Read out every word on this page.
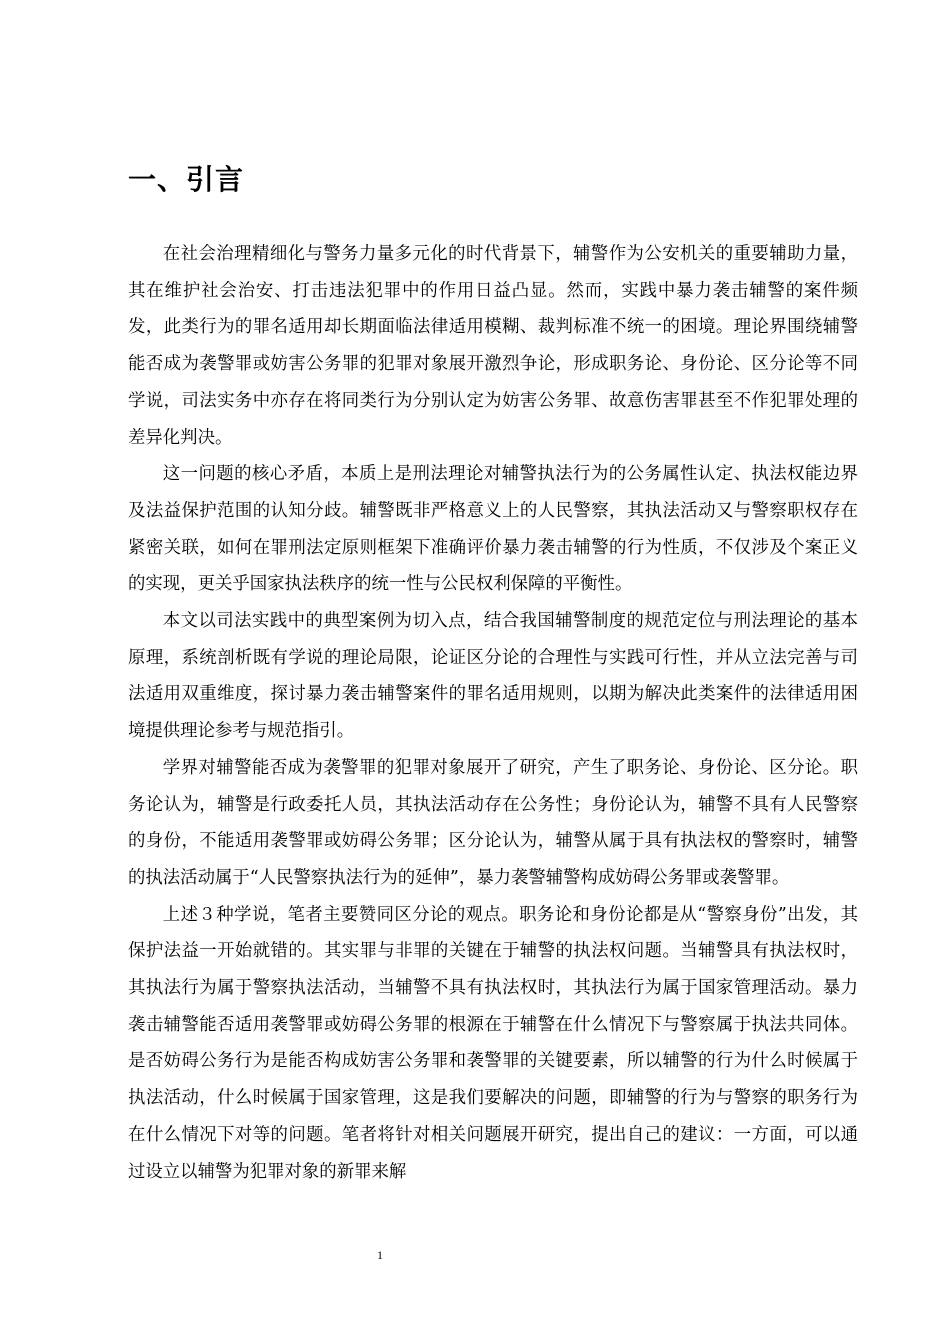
一、引言

在社会治理精细化与警务力量多元化的时代背景下，辅警作为公安机关的重要辅助力量，其在维护社会治安、打击违法犯罪中的作用日益凸显。然而，实践中暴力袭击辅警的案件频发，此类行为的罪名适用却长期面临法律适用模糊、裁判标准不统一的困境。理论界围绕辅警能否成为袭警罪或妨害公务罪的犯罪对象展开激烈争论，形成职务论、身份论、区分论等不同学说，司法实务中亦存在将同类行为分别认定为妨害公务罪、故意伤害罪甚至不作犯罪处理的差异化判决。

这一问题的核心矛盾，本质上是刑法理论对辅警执法行为的公务属性认定、执法权能边界及法益保护范围的认知分歧。辅警既非严格意义上的人民警察，其执法活动又与警察职权存在紧密关联，如何在罪刑法定原则框架下准确评价暴力袭击辅警的行为性质，不仅涉及个案正义的实现，更关乎国家执法秩序的统一性与公民权利保障的平衡性。

本文以司法实践中的典型案例为切入点，结合我国辅警制度的规范定位与刑法理论的基本原理，系统剖析既有学说的理论局限，论证区分论的合理性与实践可行性，并从立法完善与司法适用双重维度，探讨暴力袭击辅警案件的罪名适用规则，以期为解决此类案件的法律适用困境提供理论参考与规范指引。

学界对辅警能否成为袭警罪的犯罪对象展开了研究，产生了职务论、身份论、区分论。职务论认为，辅警是行政委托人员，其执法活动存在公务性；身份论认为，辅警不具有人民警察的身份，不能适用袭警罪或妨碍公务罪；区分论认为，辅警从属于具有执法权的警察时，辅警的执法活动属于“人民警察执法行为的延伸”，暴力袭警辅警构成妨碍公务罪或袭警罪。

上述３种学说，笔者主要赞同区分论的观点。职务论和身份论都是从“警察身份”出发，其保护法益一开始就错的。其实罪与非罪的关键在于辅警的执法权问题。当辅警具有执法权时，其执法行为属于警察执法活动，当辅警不具有执法权时，其执法行为属于国家管理活动。暴力袭击辅警能否适用袭警罪或妨碍公务罪的根源在于辅警在什么情况下与警察属于执法共同体。是否妨碍公务行为是能否构成妨害公务罪和袭警罪的关键要素，所以辅警的行为什么时候属于执法活动，什么时候属于国家管理，这是我们要解决的问题，即辅警的行为与警察的职务行为在什么情况下对等的问题。笔者将针对相关问题展开研究，提出自己的建议：一方面，可以通过设立以辅警为犯罪对象的新罪来解

1
